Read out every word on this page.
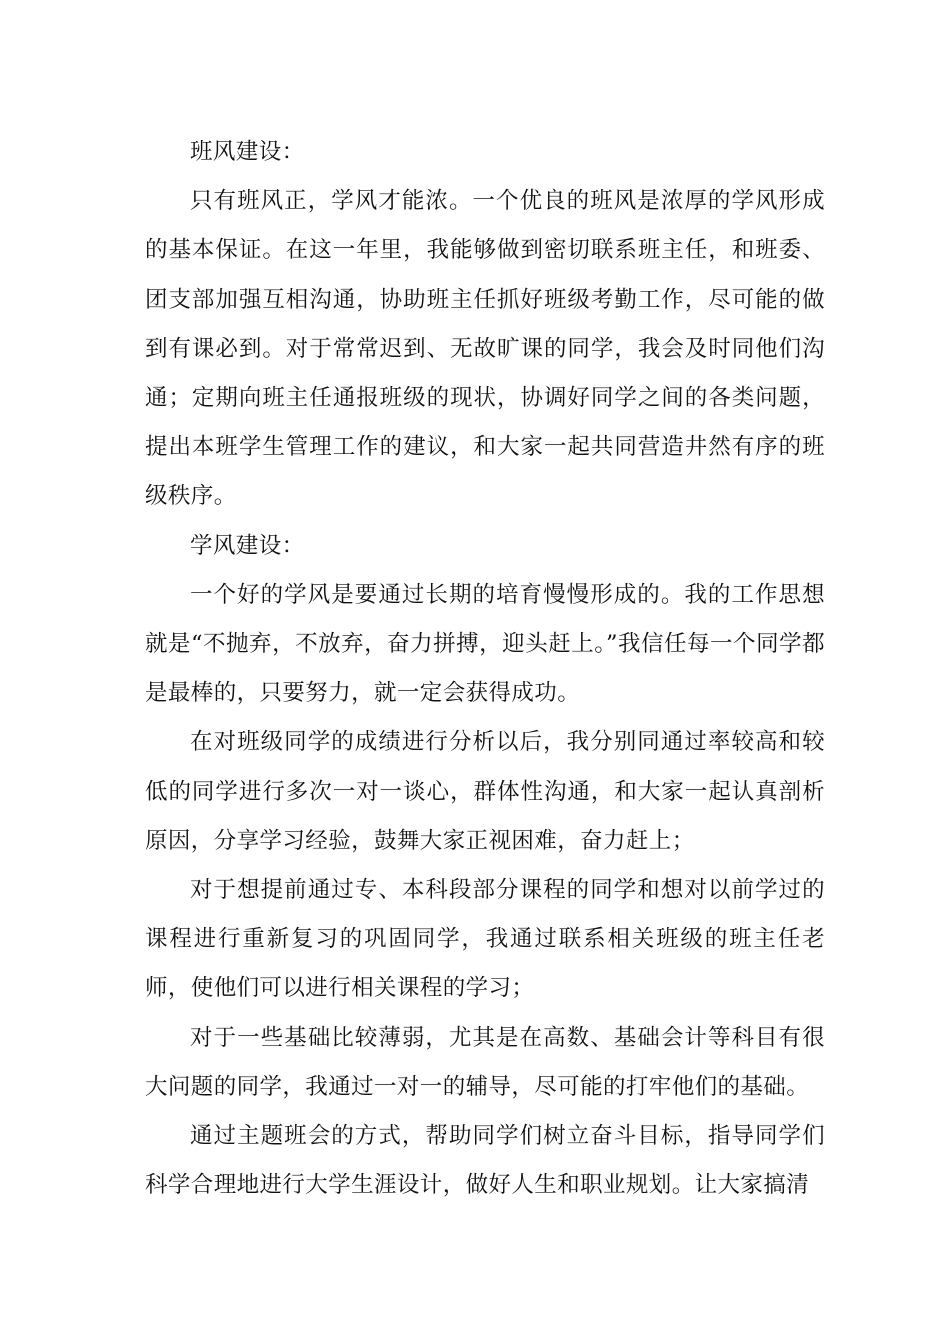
班风建设：

只有班风正，学风才能浓。一个优良的班风是浓厚的学风形成的基本保证。在这一年里，我能够做到密切联系班主任，和班委、团支部加强互相沟通，协助班主任抓好班级考勤工作，尽可能的做到有课必到。对于常常迟到、无故旷课的同学，我会及时同他们沟通；定期向班主任通报班级的现状，协调好同学之间的各类问题，提出本班学生管理工作的建议，和大家一起共同营造井然有序的班级秩序。

学风建设：

一个好的学风是要通过长期的培育慢慢形成的。我的工作思想就是“不抛弃，不放弃，奋力拼搏，迎头赶上。”我信任每一个同学都是最棒的，只要努力，就一定会获得成功。

在对班级同学的成绩进行分析以后，我分别同通过率较高和较低的同学进行多次一对一谈心，群体性沟通，和大家一起认真剖析原因，分享学习经验，鼓舞大家正视困难，奋力赶上；

对于想提前通过专、本科段部分课程的同学和想对以前学过的课程进行重新复习的巩固同学，我通过联系相关班级的班主任老师，使他们可以进行相关课程的学习；

对于一些基础比较薄弱，尤其是在高数、基础会计等科目有很大问题的同学，我通过一对一的辅导，尽可能的打牢他们的基础。

通过主题班会的方式，帮助同学们树立奋斗目标，指导同学们科学合理地进行大学生涯设计，做好人生和职业规划。让大家搞清
